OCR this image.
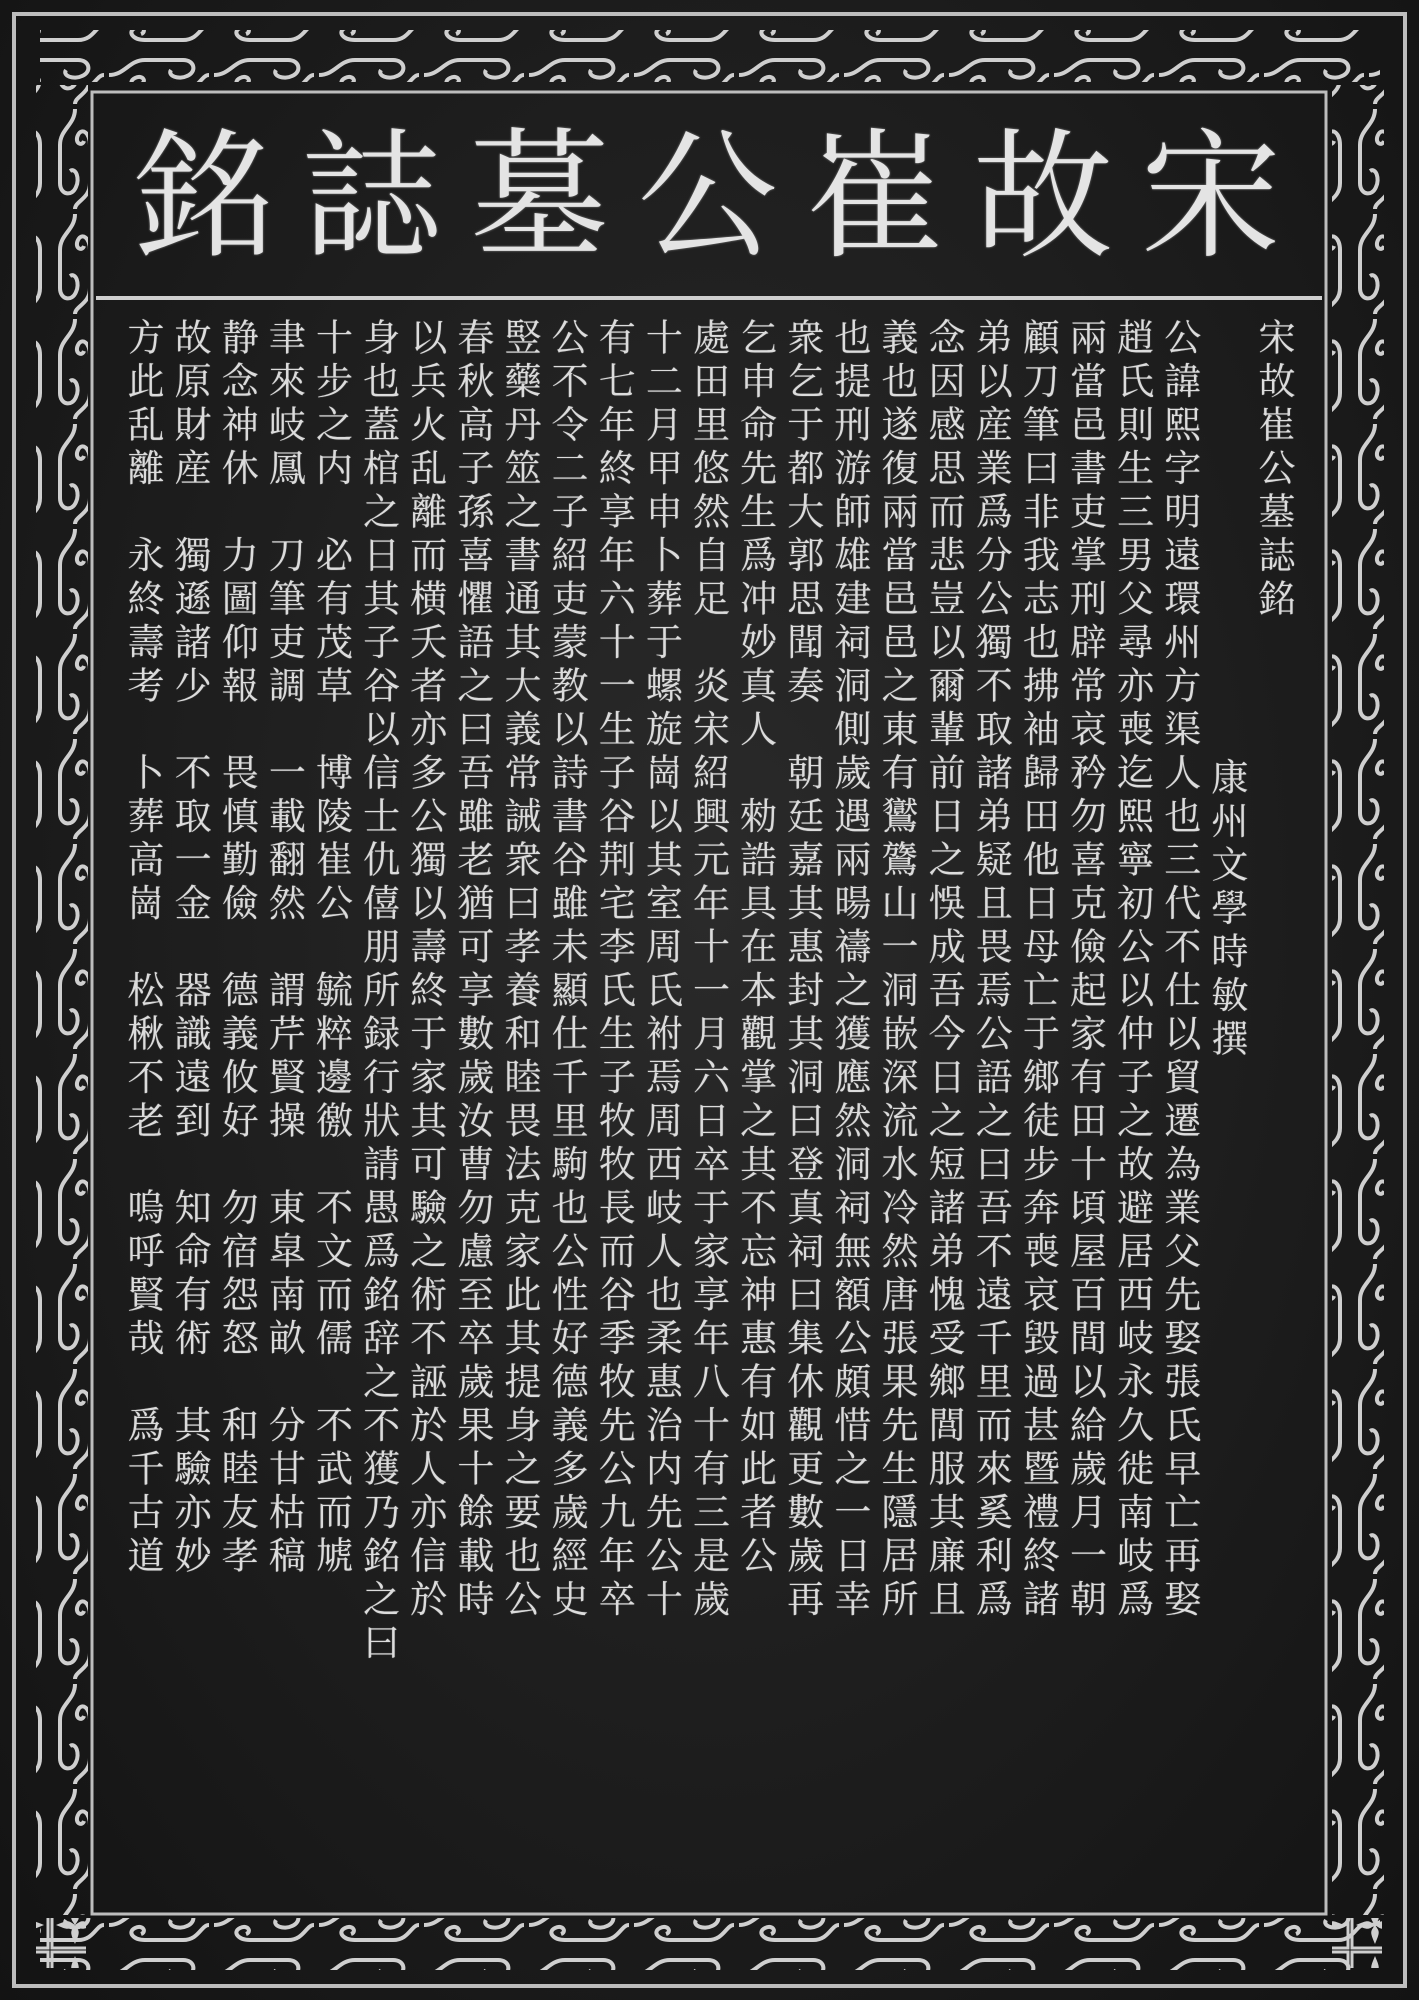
宋
故
崔
公
墓
誌
銘
宋故崔公墓誌銘
康州文學時敏撰
公諱熙字明遠環州方渠人也三代不仕以貿遷為業父先娶張氏早亡再娶
趙氏則生三男父尋亦喪迄熙寧初公以仲子之故避居西岐永久徙南岐爲
兩當邑書吏掌刑辟常哀矜勿喜克儉起家有田十頃屋百間以給歲月一朝
顧刀筆曰非我志也拂袖歸田他日母亡于鄉徒步奔喪哀毀過甚暨禮終諸
弟以産業爲分公獨不取諸弟疑且畏焉公語之曰吾不遠千里而來奚利爲
念因感思而悲豈以爾輩前日之悞成吾今日之短諸弟愧受鄉閭服其廉且
義也遂復兩當邑邑之東有鸑鷟山一洞嵌深流水冷然唐張果先生隱居所
也提刑游師雄建祠洞側歲遇兩暘禱之獲應然洞祠無額公頗惜之一日幸
衆乞于都大郭思聞奏　朝廷嘉其惠封其洞曰登真祠曰集休觀更數歲再
乞申命先生爲冲妙真人　勑誥具在本觀掌之其不忘神惠有如此者公
處田里悠然自足　炎宋紹興元年十一月六日卒于家享年八十有三是歲
十二月甲申卜葬于螺旋崗以其室周氏袝焉周西岐人也柔惠治内先公十
有七年終享年六十一生子谷荆宅李氏生子牧牧長而谷季牧先公九年卒
公不令二子紹吏蒙教以詩書谷雖未顯仕千里駒也公性好德義多歲經史
竪藥丹筮之書通其大義常誡衆曰孝養和睦畏法克家此其提身之要也公
春秋高子孫喜懼語之曰吾雖老猶可享數歲汝曹勿慮至卒歲果十餘載時
以兵火乱離而横夭者亦多公獨以壽終于家其可驗之術不誣於人亦信於
身也蓋棺之日其子谷以信士仇僖朋所録行狀請愚爲銘辞之不獲乃銘之曰
十步之内　必有茂草　博陵崔公　毓粹邊徼　不文而儒　不武而虓
聿來岐鳳　刀筆吏調　一載翻然　謂芹賢操　東皐南畝　分甘枯稿
静念神休　力圖仰報　畏慎勤儉　德義攸好　勿宿怨怒　和睦友孝
故原財産　獨遜諸少　不取一金　器識遠到　知命有術　其驗亦妙
方此乱離　永終壽考　卜葬高崗　松楸不老　嗚呼賢哉　爲千古道
